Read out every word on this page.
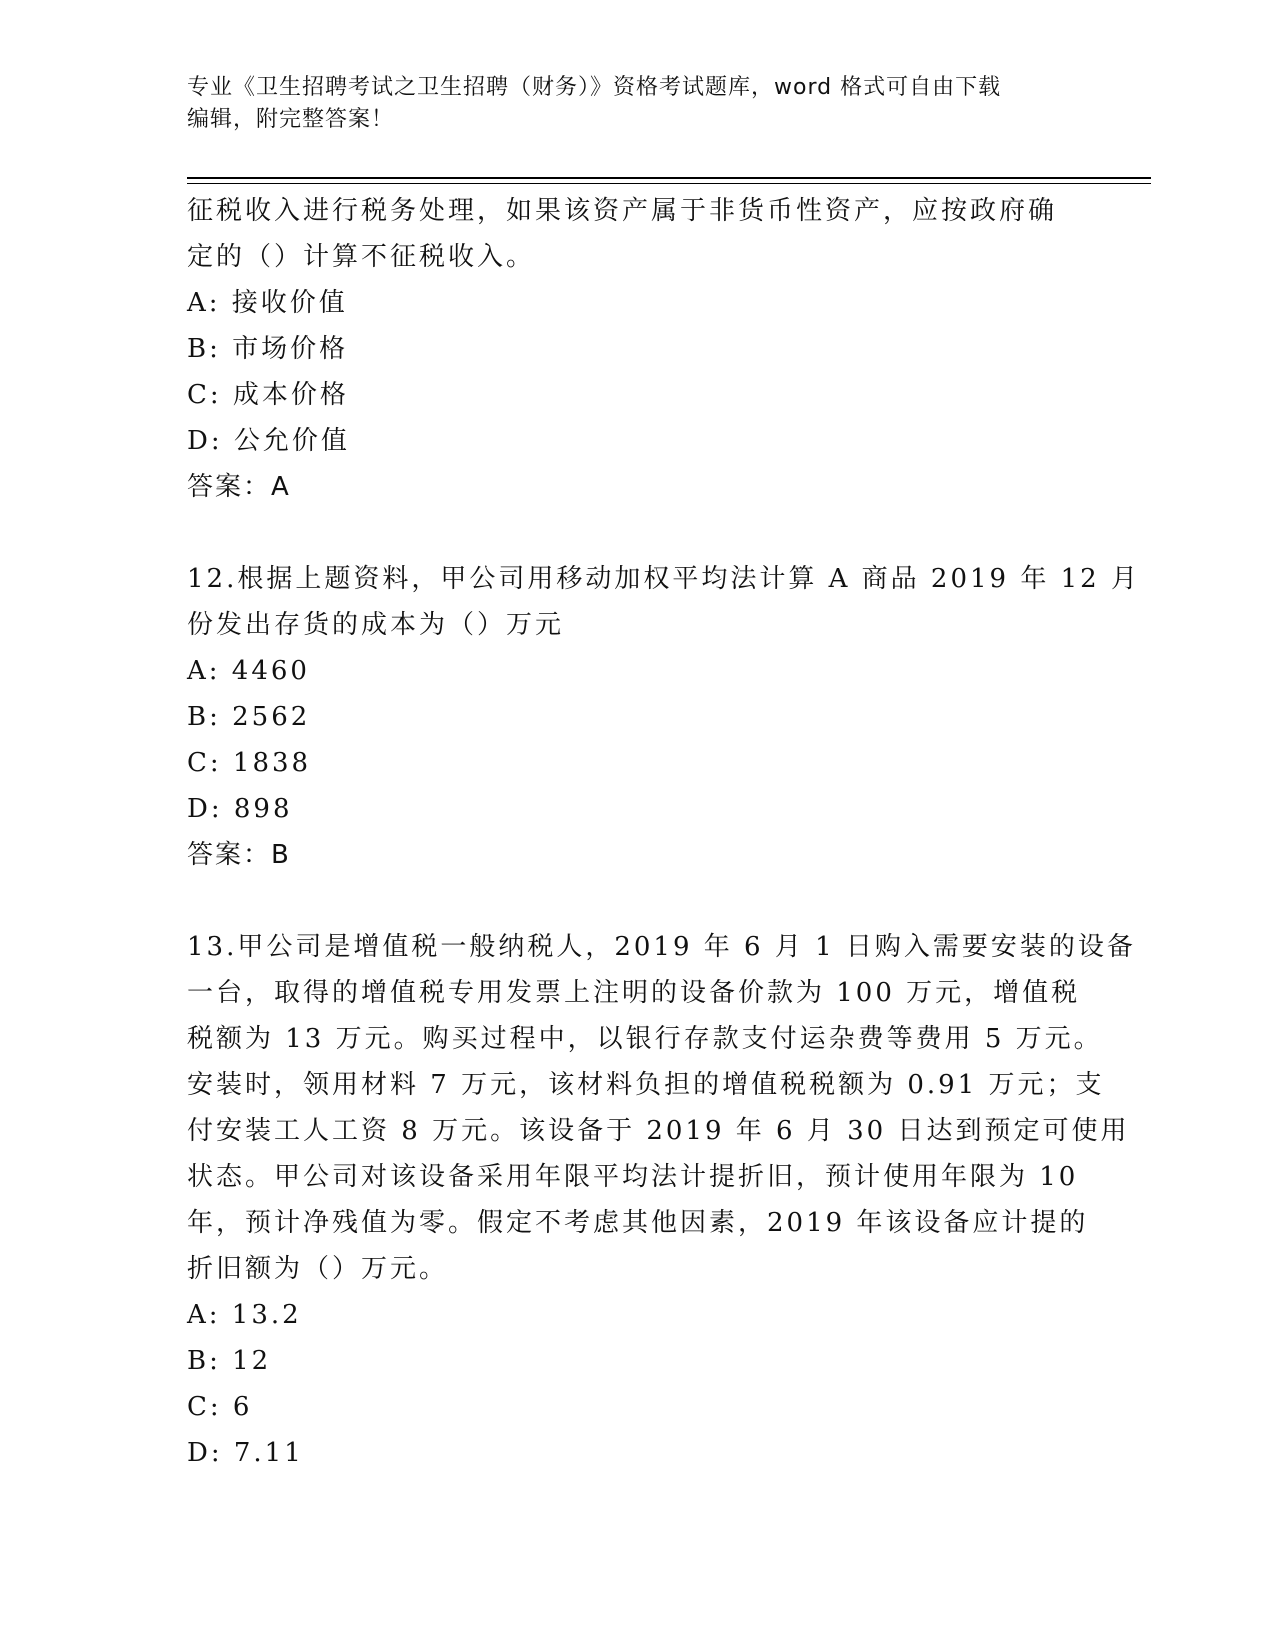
专业《卫生招聘考试之卫生招聘（财务）》资格考试题库，word 格式可自由下载
编辑，附完整答案！
征税收入进行税务处理，如果该资产属于非货币性资产，应按政府确
定的（）计算不征税收入。
A: 接收价值
B: 市场价格
C: 成本价格
D: 公允价值
答案：A
12.根据上题资料，甲公司用移动加权平均法计算 A 商品 2019 年 12 月
份发出存货的成本为（）万元
A: 4460
B: 2562
C: 1838
D: 898
答案：B
13.甲公司是增值税一般纳税人，2019 年 6 月 1 日购入需要安装的设备
一台，取得的增值税专用发票上注明的设备价款为 100 万元，增值税
税额为 13 万元。购买过程中，以银行存款支付运杂费等费用 5 万元。
安装时，领用材料 7 万元，该材料负担的增值税税额为 0.91 万元；支
付安装工人工资 8 万元。该设备于 2019 年 6 月 30 日达到预定可使用
状态。甲公司对该设备采用年限平均法计提折旧，预计使用年限为 10
年，预计净残值为零。假定不考虑其他因素，2019 年该设备应计提的
折旧额为（）万元。
A: 13.2
B: 12
C: 6
D: 7.11
